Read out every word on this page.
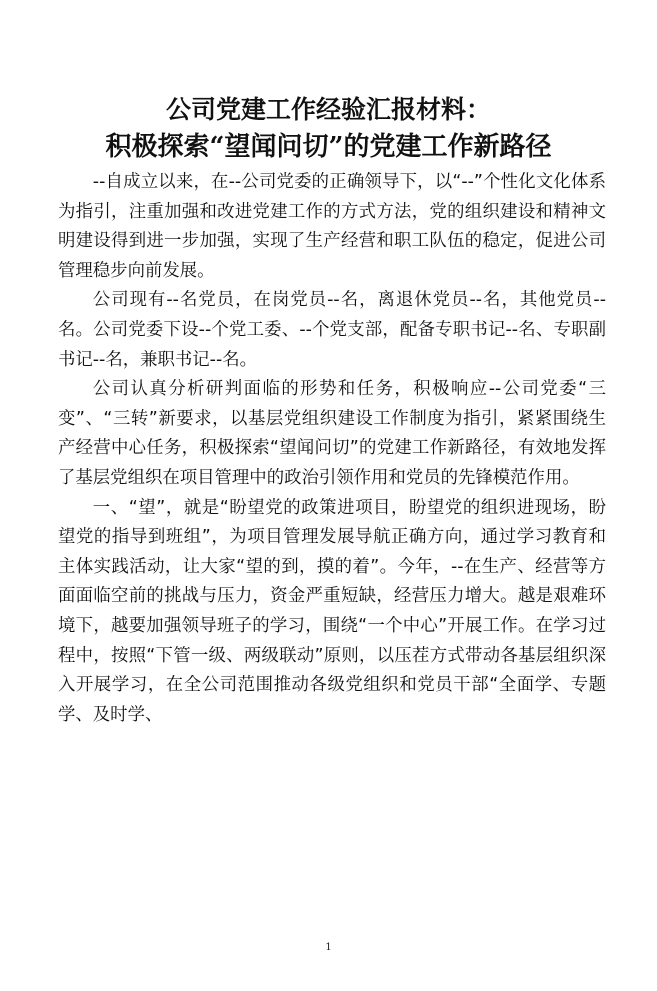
公司党建工作经验汇报材料：
积极探索“望闻问切”的党建工作新路径

--自成立以来，在--公司党委的正确领导下，以“--”个性化文化体系为指引，注重加强和改进党建工作的方式方法，党的组织建设和精神文明建设得到进一步加强，实现了生产经营和职工队伍的稳定，促进公司管理稳步向前发展。

公司现有--名党员，在岗党员--名，离退休党员--名，其他党员--名。公司党委下设--个党工委、--个党支部，配备专职书记--名、专职副书记--名，兼职书记--名。

公司认真分析研判面临的形势和任务，积极响应--公司党委“三变”、“三转”新要求，以基层党组织建设工作制度为指引，紧紧围绕生产经营中心任务，积极探索“望闻问切”的党建工作新路径，有效地发挥了基层党组织在项目管理中的政治引领作用和党员的先锋模范作用。

一、“望”，就是“盼望党的政策进项目，盼望党的组织进现场，盼望党的指导到班组”，为项目管理发展导航正确方向，通过学习教育和主体实践活动，让大家“望的到，摸的着”。今年，--在生产、经营等方面面临空前的挑战与压力，资金严重短缺，经营压力增大。越是艰难环境下，越要加强领导班子的学习，围绕“一个中心”开展工作。在学习过程中，按照“下管一级、两级联动”原则，以压茬方式带动各基层组织深入开展学习，在全公司范围推动各级党组织和党员干部“全面学、专题学、及时学、

1
